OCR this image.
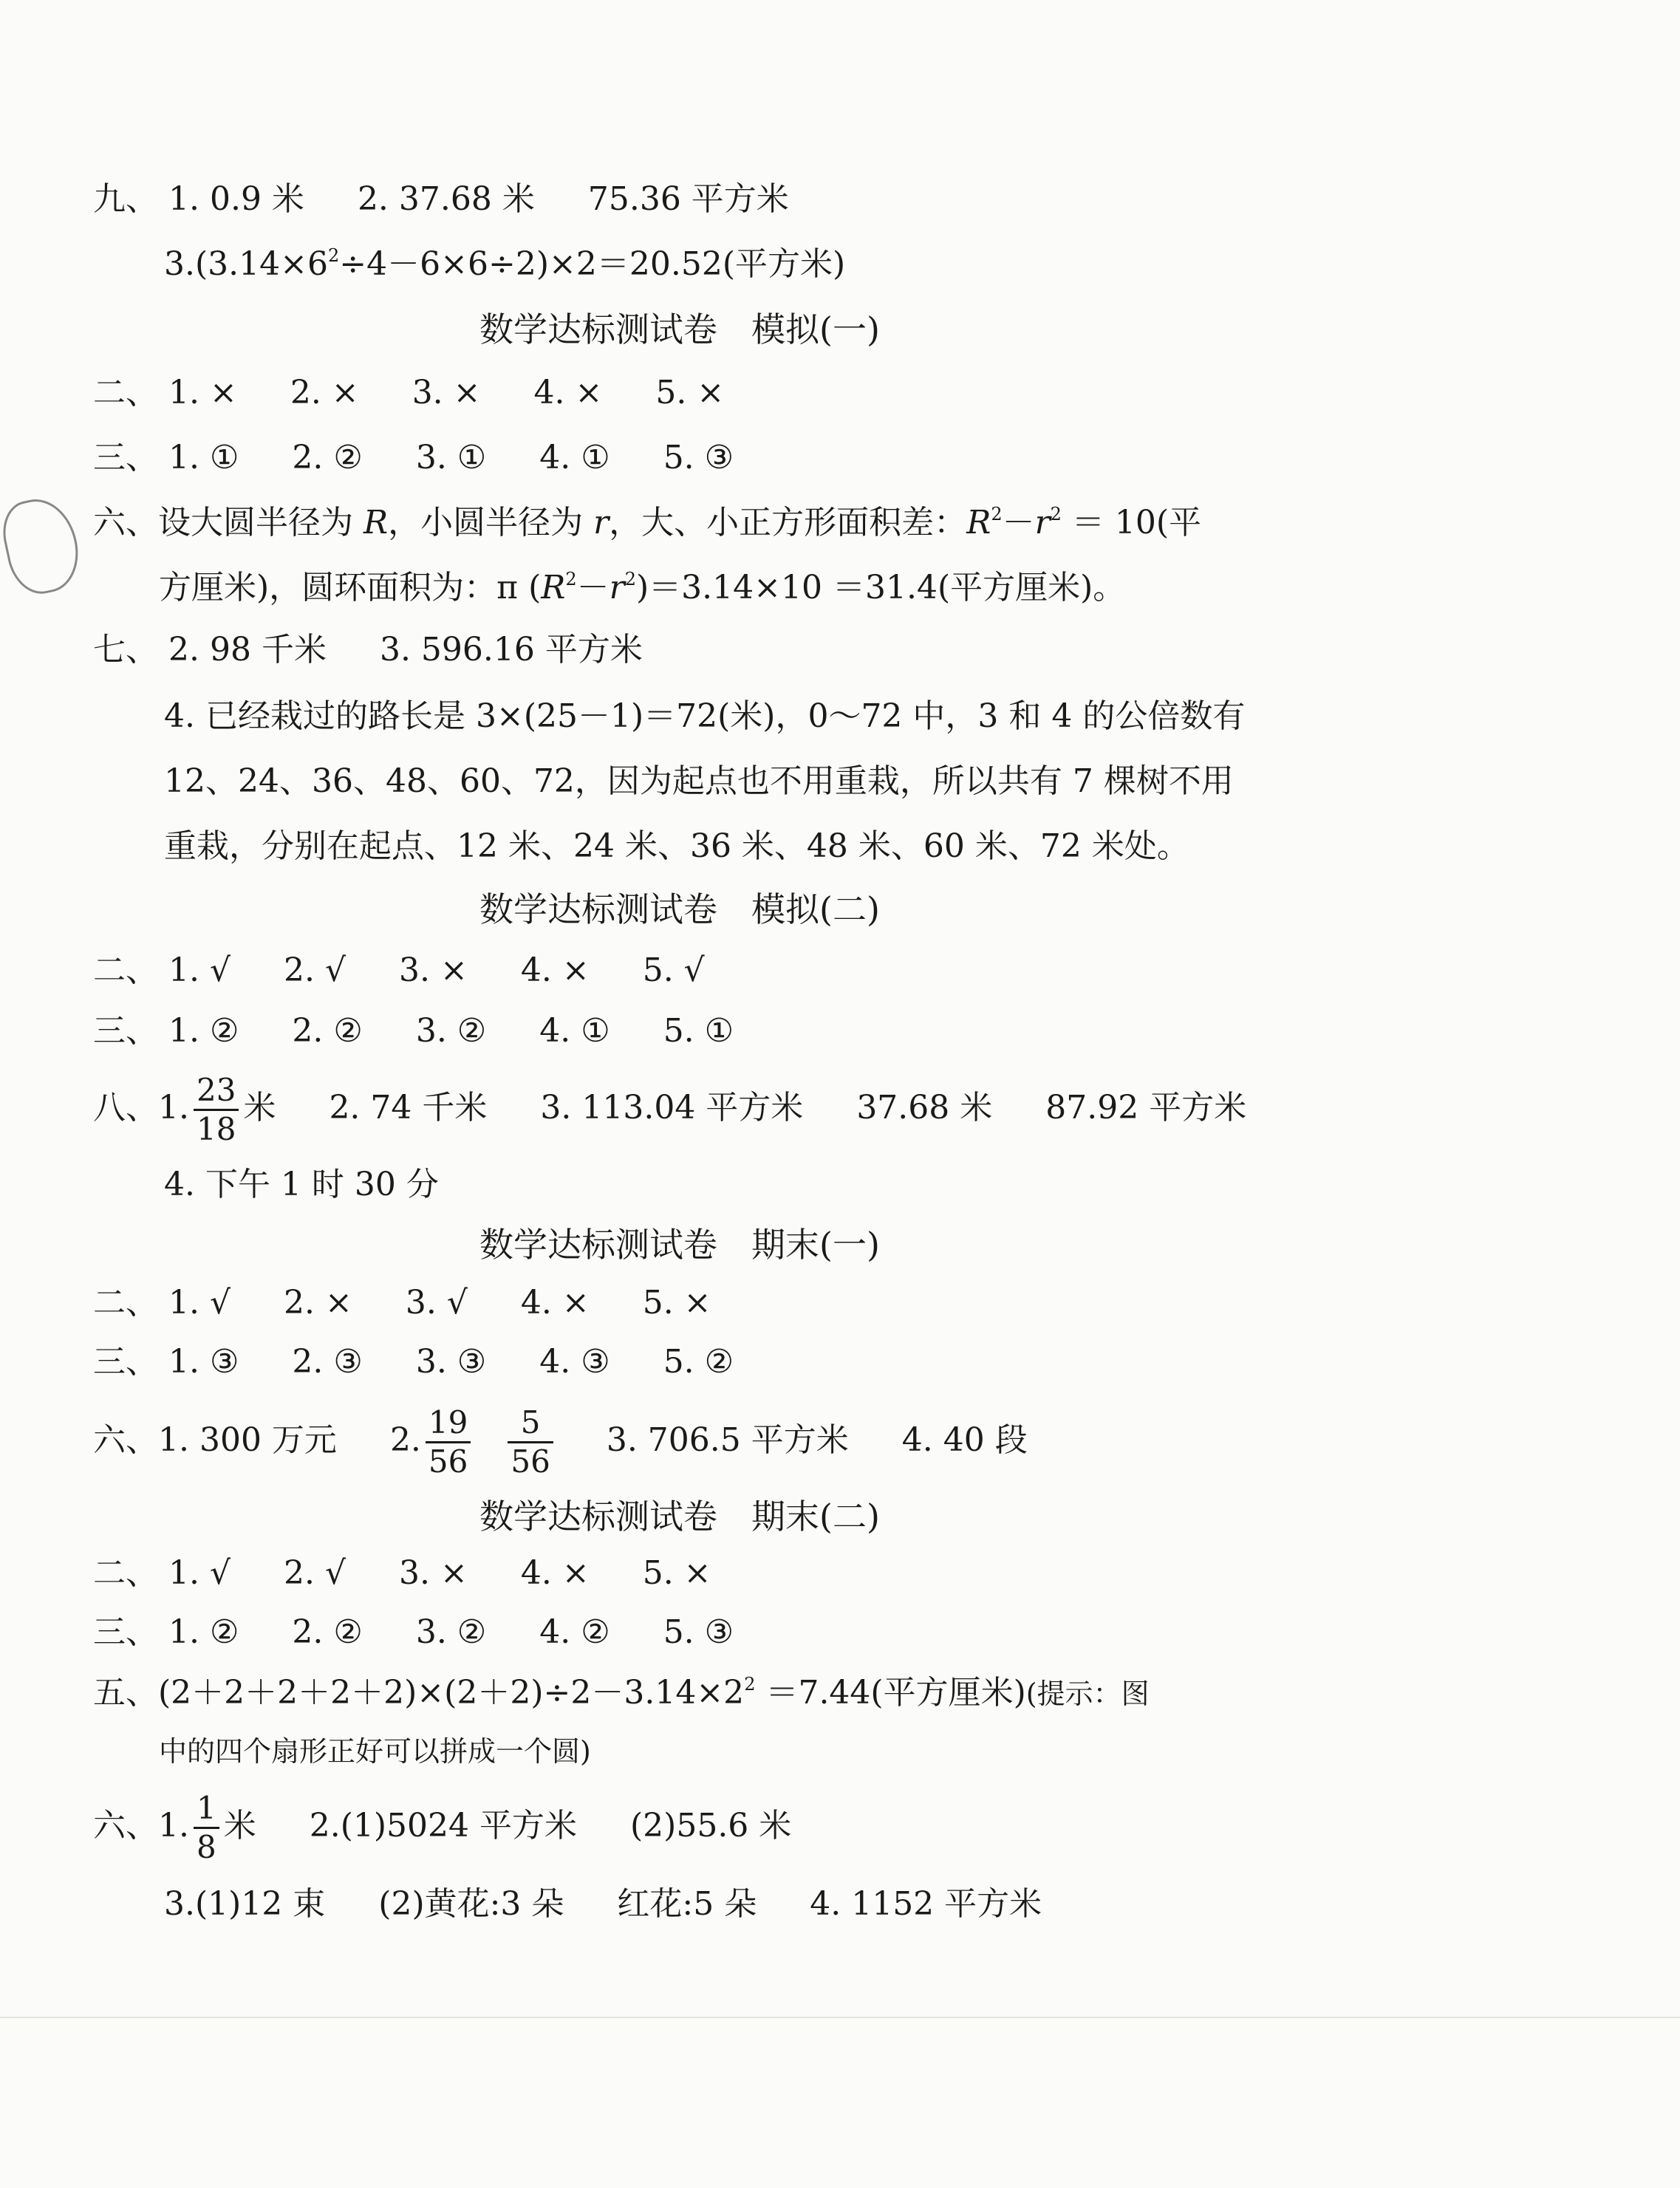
九、 1. 0.9 米 2. 37.68 米 75.36 平方米
$3.(3.14\times 6^2\div 4-6\times 6\div 2)\times 2=20.52$(平方米)
数学达标测试卷　模拟(一)
二、 1. × 2. × 3. × 4. × 5. ×
三、 1. ① 2. ② 3. ① 4. ① 5. ③
六、设大圆半径为 R，小圆半径为 r，大、小正方形面积差：$R^2-r^2 = 10$(平
方厘米)，圆环面积为：π $(R^2-r^2)=3.14\times 10 =31.4$(平方厘米)。
七、 2. 98 千米 3. 596.16 平方米
4. 已经栽过的路长是 3×(25－1)＝72(米)，0～72 中，3 和 4 的公倍数有
12、24、36、48、60、72，因为起点也不用重栽，所以共有 7 棵树不用
重栽，分别在起点、12 米、24 米、36 米、48 米、60 米、72 米处。
数学达标测试卷　模拟(二)
二、 1. √ 2. √ 3. × 4. × 5. √
三、 1. ② 2. ② 3. ② 4. ① 5. ①
八、1. $\frac{23}{18}$ 米 2. 74 千米 3. 113.04 平方米 37.68 米 87.92 平方米
4. 下午 1 时 30 分
数学达标测试卷　期末(一)
二、 1. √ 2. × 3. √ 4. × 5. ×
三、 1. ③ 2. ③ 3. ③ 4. ③ 5. ②
六、1. 300 万元 2. $\frac{19}{56}$
$\frac{5}{56} 3$. 706.5 平方米 4. 40 段
数学达标测试卷　期末(二)
二、 1. √ 2. √ 3. × 4. × 5. ×
三、 1. ② 2. ② 3. ② 4. ② 5. ③
五、$(2+2+2+2+2)\times(2+2)\div 2-3.14\times 2^2 =7.44$(平方厘米)(提示：图
中的四个扇形正好可以拼成一个圆)
六、1. $\frac{1}{8}$ 米 2.(1)5024 平方米 (2)55.6 米
3.(1)12 束 (2)黄花:3 朵 红花:5 朵 4. 1152 平方米
